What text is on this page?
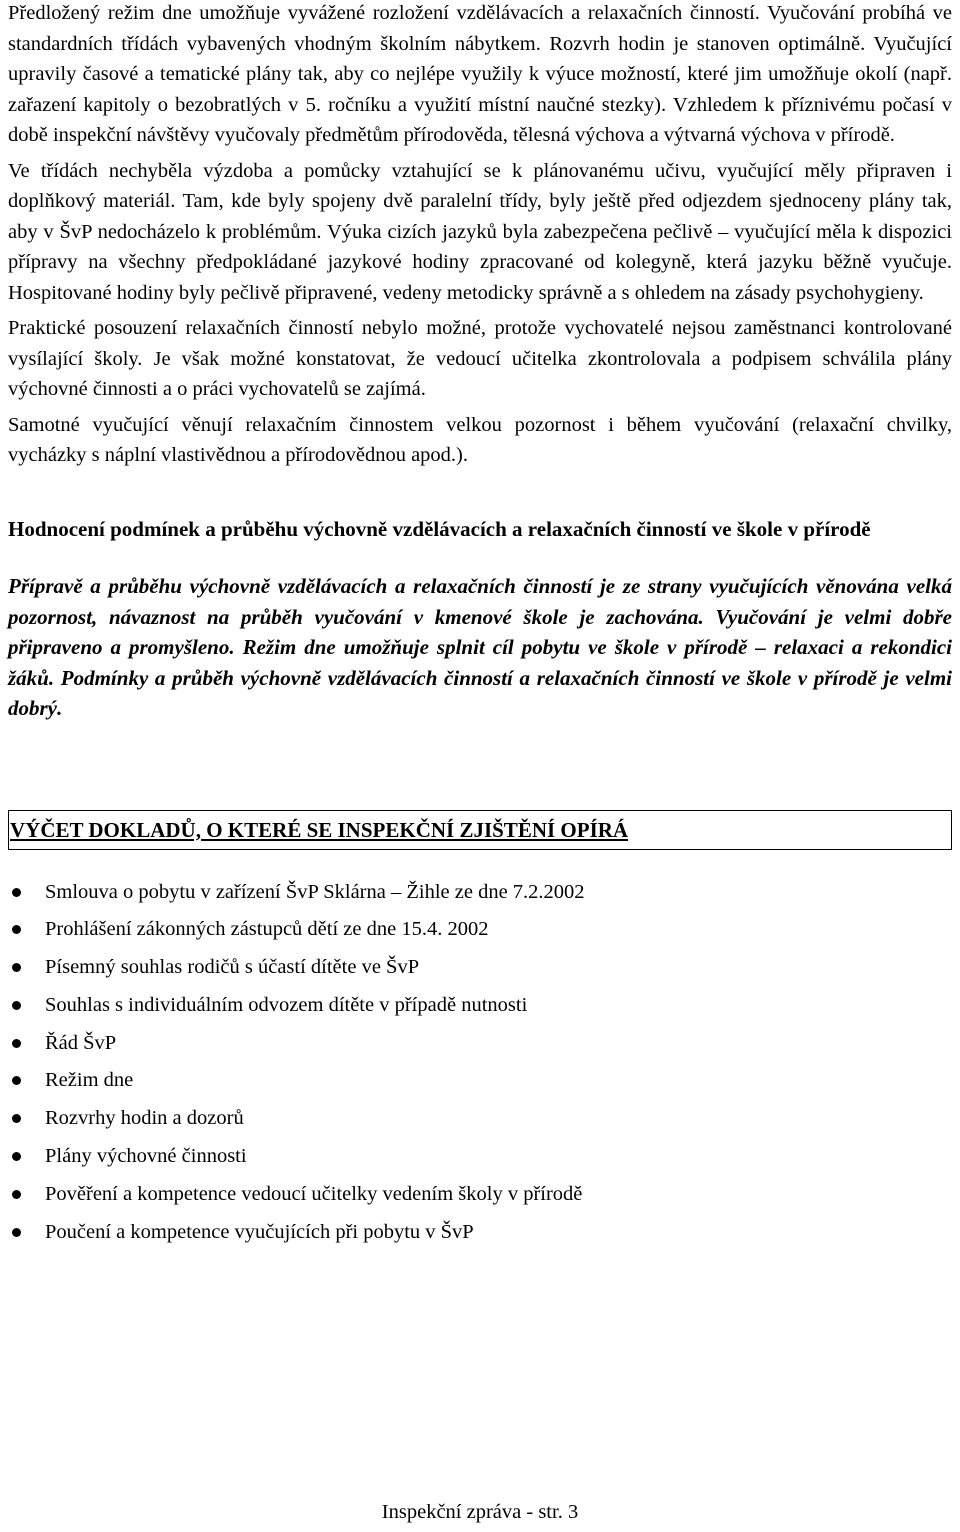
Předložený režim dne umožňuje vyvážené rozložení vzdělávacích a relaxačních činností. Vyučování probíhá ve standardních třídách vybavených vhodným školním nábytkem. Rozvrh hodin je stanoven optimálně. Vyučující upravily časové a tematické plány tak, aby co nejlépe využily k výuce možností, které jim umožňuje okolí (např. zařazení kapitoly o bezobratlých v 5. ročníku a využití místní naučné stezky). Vzhledem k příznivému počasí v době inspekční návštěvy vyučovaly předmětům přírodověda, tělesná výchova a výtvarná výchova v přírodě.

Ve třídách nechyběla výzdoba a pomůcky vztahující se k plánovanému učivu, vyučující měly připraven i doplňkový materiál. Tam, kde byly spojeny dvě paralelní třídy, byly ještě před odjezdem sjednoceny plány tak, aby v ŠvP nedocházelo k problémům. Výuka cizích jazyků byla zabezpečena pečlivě – vyučující měla k dispozici přípravy na všechny předpokládané jazykové hodiny zpracované od kolegyně, která jazyku běžně vyučuje. Hospitované hodiny byly pečlivě připravené, vedeny metodicky správně a s ohledem na zásady psychohygieny.

Praktické posouzení relaxačních činností nebylo možné, protože vychovatelé nejsou zaměstnanci kontrolované vysílající školy. Je však možné konstatovat, že vedoucí učitelka zkontrolovala a podpisem schválila plány výchovné činnosti a o práci vychovatelů se zajímá.

Samotné vyučující věnují relaxačním činnostem velkou pozornost i během vyučování (relaxační chvilky, vycházky s náplní vlastivědnou a přírodovědnou apod.).

Hodnocení podmínek a průběhu výchovně vzdělávacích a relaxačních činností ve škole v přírodě

Přípravě a průběhu výchovně vzdělávacích a relaxačních činností je ze strany vyučujících věnována velká pozornost, návaznost na průběh vyučování v kmenové škole je zachována. Vyučování je velmi dobře připraveno a promyšleno. Režim dne umožňuje splnit cíl pobytu ve škole v přírodě – relaxaci a rekondici žáků. Podmínky a průběh výchovně vzdělávacích činností a relaxačních činností ve škole v přírodě je velmi dobrý.

VÝČET DOKLADŮ, O KTERÉ SE INSPEKČNÍ ZJIŠTĚNÍ OPÍRÁ
Smlouva o pobytu v zařízení ŠvP Sklárna – Žihle ze dne 7.2.2002
Prohlášení zákonných zástupců dětí ze dne 15.4. 2002
Písemný souhlas rodičů s účastí dítěte ve ŠvP
Souhlas s individuálním odvozem dítěte v případě nutnosti
Řád ŠvP
Režim dne
Rozvrhy hodin a dozorů
Plány výchovné činnosti
Pověření a kompetence vedoucí učitelky vedením školy v přírodě
Poučení a kompetence vyučujících při pobytu v ŠvP
Inspekční zpráva - str. 3
